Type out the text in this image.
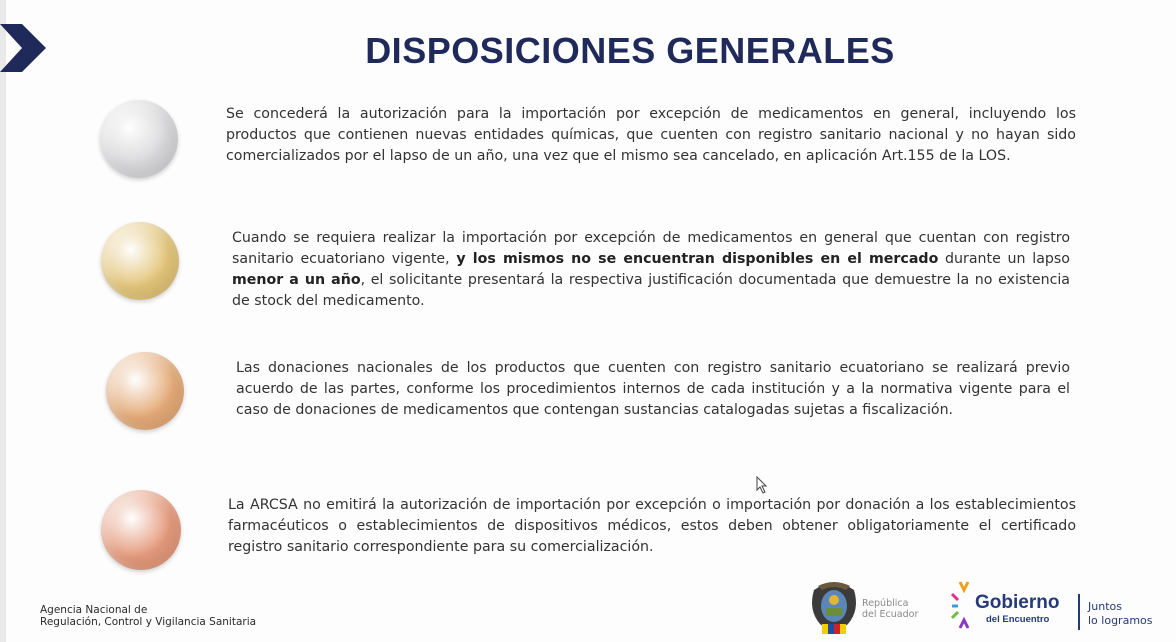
DISPOSICIONES GENERALES
Se concederá la autorización para la importación por excepción de medicamentos en general, incluyendo los productos que contienen nuevas entidades químicas, que cuenten con registro sanitario nacional y no hayan sido comercializados por el lapso de un año, una vez que el mismo sea cancelado, en aplicación Art.155 de la LOS.
Cuando se requiera realizar la importación por excepción de medicamentos en general que cuentan con registro sanitario ecuatoriano vigente, y los mismos no se encuentran disponibles en el mercado durante un lapso menor a un año, el solicitante presentará la respectiva justificación documentada que demuestre la no existencia de stock del medicamento.
Las donaciones nacionales de los productos que cuenten con registro sanitario ecuatoriano se realizará previo acuerdo de las partes, conforme los procedimientos internos de cada institución y a la normativa vigente para el caso de donaciones de medicamentos que contengan sustancias catalogadas sujetas a fiscalización.
La ARCSA no emitirá la autorización de importación por excepción o importación por donación a los establecimientos farmacéuticos o establecimientos de dispositivos médicos, estos deben obtener obligatoriamente el certificado registro sanitario correspondiente para su comercialización.
Agencia Nacional de
Regulación, Control y Vigilancia Sanitaria
República
del Ecuador
Gobierno
del Encuentro
Juntos
lo logramos
